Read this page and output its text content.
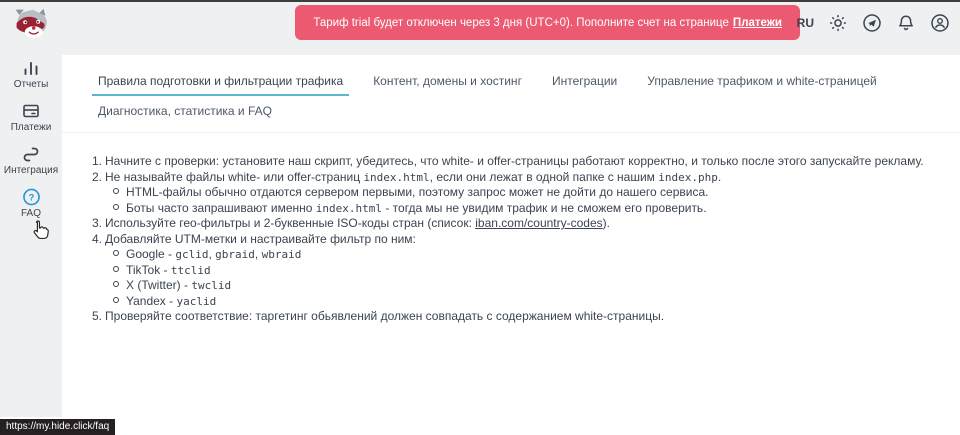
Отчеты
Платежи
Интеграция
?
FAQ
Тариф trial будет отключен через 3 дня (UTC+0). Пополните счет на странице Платежи RU
Правила подготовки и фильтрации трафика	Контент, домены и хостинг	Интеграции	Управление трафиком и white-страницей
Диагностика, статистика и FAQ
1. Начните с проверки: установите наш скрипт, убедитесь, что white- и offer-страницы работают корректно, и только после этого запускайте рекламу.
2. Не называйте файлы white- или offer-страниц index.html, если они лежат в одной папке с нашим index.php.
HTML-файлы обычно отдаются сервером первыми, поэтому запрос может не дойти до нашего сервиса.
Боты часто запрашивают именно index.html - тогда мы не увидим трафик и не сможем его проверить.
3. Используйте гео-фильтры и 2-буквенные ISO-коды стран (список: iban.com/country-codes).
4. Добавляйте UTM-метки и настраивайте фильтр по ним:
Google - gclid, gbraid, wbraid
TikTok - ttclid
X (Twitter) - twclid
Yandex - yaclid
5. Проверяйте соответствие: таргетинг обьявлений должен совпадать с содержанием white-страницы.
https://my.hide.click/faq
